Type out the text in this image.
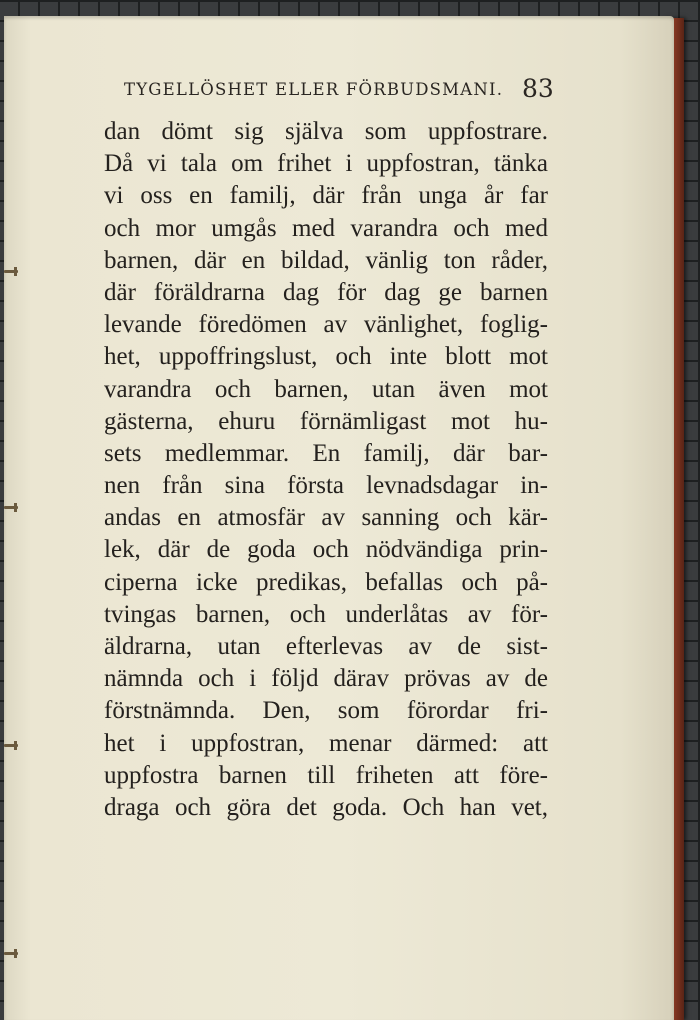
TYGELLÖSHET ELLER FÖRBUDSMANI. 83
dan dömt sig själva som uppfostrare.
Då vi tala om frihet i uppfostran, tänka
vi oss en familj, där från unga år far
och mor umgås med varandra och med
barnen, där en bildad, vänlig ton råder,
där föräldrarna dag för dag ge barnen
levande föredömen av vänlighet, foglig-
het, uppoffringslust, och inte blott mot
varandra och barnen, utan även mot
gästerna, ehuru förnämligast mot hu-
sets medlemmar. En familj, där bar-
nen från sina första levnadsdagar in-
andas en atmosfär av sanning och kär-
lek, där de goda och nödvändiga prin-
ciperna icke predikas, befallas och på-
tvingas barnen, och underlåtas av för-
äldrarna, utan efterlevas av de sist-
nämnda och i följd därav prövas av de
förstnämnda. Den, som förordar fri-
het i uppfostran, menar därmed: att
uppfostra barnen till friheten att före-
draga och göra det goda. Och han vet,
